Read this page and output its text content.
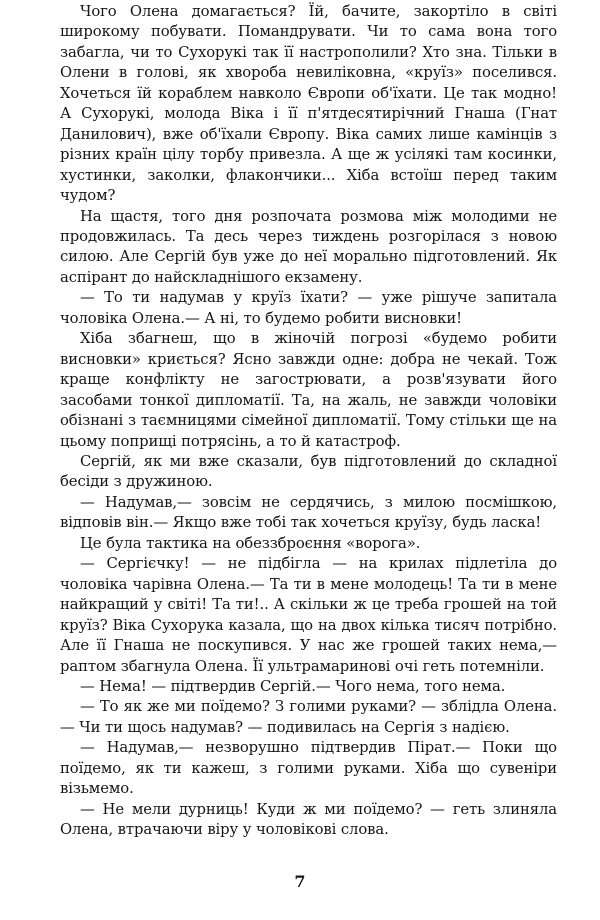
Чого Олена домагається? Їй, бачите, закортіло в світі широкому побувати. Помандрувати. Чи то сама вона того забагла, чи то Сухорукі так її настрополили? Хто зна. Тільки в Олени в голові, як хвороба невиліковна, «круїз» поселився. Хочеться їй кораблем навколо Європи об'їхати. Це так модно! А Сухорукі, молода Віка і її п'ятдесятирічний Гнаша (Гнат Данилович), вже об'їхали Європу. Віка самих лише камінців з різних країн цілу торбу привезла. А ще ж усілякі там косинки, хустинки, заколки, флакончики... Хіба встоїш перед таким чудом?

На щастя, того дня розпочата розмова між молодими не продовжилась. Та десь через тиждень розгорілася з новою силою. Але Сергій був уже до неї морально підготовлений. Як аспірант до найскладнішого екзамену.

— То ти надумав у круїз їхати? — уже рішуче запитала чоловіка Олена.— А ні, то будемо робити висновки!

Хіба збагнеш, що в жіночій погрозі «будемо робити висновки» криється? Ясно завжди одне: добра не чекай. Тож краще конфлікту не загострювати, а розв'язувати його засобами тонкої дипломатії. Та, на жаль, не завжди чоловіки обізнані з таємницями сімейної дипломатії. Тому стільки ще на цьому поприщі потрясінь, а то й катастроф.

Сергій, як ми вже сказали, був підготовлений до складної бесіди з дружиною.

— Надумав,— зовсім не сердячись, з милою посмішкою, відповів він.— Якщо вже тобі так хочеться круїзу, будь ласка!

Це була тактика на обеззброєння «ворога».

— Сергієчку! — не підбігла — на крилах підлетіла до чоловіка чарівна Олена.— Та ти в мене молодець! Та ти в мене найкращий у світі! Та ти!.. А скільки ж це треба грошей на той круїз? Віка Сухорука казала, що на двох кілька тисяч потрібно. Але її Гнаша не поскупився. У нас же грошей таких нема,— раптом збагнула Олена. Її ультрамаринові очі геть потемніли.

— Нема! — підтвердив Сергій.— Чого нема, того нема.

— То як же ми поїдемо? З голими руками? — зблідла Олена.— Чи ти щось надумав? — подивилась на Сергія з надією.

— Надумав,— незворушно підтвердив Пірат.— Поки що поїдемо, як ти кажеш, з голими руками. Хіба що сувеніри візьмемо.

— Не мели дурниць! Куди ж ми поїдемо? — геть злиняла Олена, втрачаючи віру у чоловікові слова.

7
